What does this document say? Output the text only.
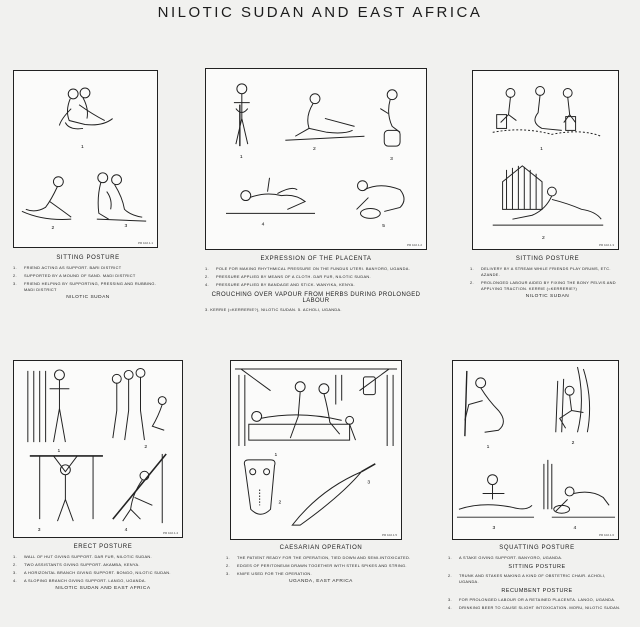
NILOTIC SUDAN AND EAST AFRICA
1
2	3
PR 102.1.1
SITTING POSTURE
1.	FRIEND ACTING AS SUPPORT. BARI DISTRICT
2.	SUPPORTED BY A MOUND OF SAND. MADI DISTRICT
3.	FRIEND HELPING BY SUPPORTING, PRESSING AND RUBBING. MADI DISTRICT
NILOTIC SUDAN
1
2
3
4	5
PR 102.1.2
EXPRESSION OF THE PLACENTA
1.	POLE FOR MAKING RHYTHMICAL PRESSURE ON THE FUNDUS UTERI. BANYORO, UGANDA.
2.	PRESSURE APPLIED BY MEANS OF A CLOTH. DAR FUR, NILOTIC SUDAN.
4.	PRESSURE APPLIED BY BANDAGE AND STICK. WANYIKA, KENYA.
CROUCHING OVER VAPOUR FROM HERBS DURING PROLONGED LABOUR
3. KERRIE (=KERRERIE?), NILOTIC SUDAN. 5. ACHOLI, UGANDA.
1
2
PR 102.1.3
SITTING POSTURE
1.	DELIVERY BY A STREAM WHILE FRIENDS PLAY DRUMS, ETC. AZANDE.
2.	PROLONGED LABOUR AIDED BY FIXING THE BONY PELVIS AND APPLYING TRACTION. KERRIE (=KERRERIE?)
NILOTIC SUDAN
1
2
3	4	PR 102.1.4
ERECT POSTURE
1.	WALL OF HUT GIVING SUPPORT. DAR FUR, NILOTIC SUDAN.
2.	TWO ASSISTANTS GIVING SUPPORT. AKAMBA, KENYA.
3.	A HORIZONTAL BRANCH GIVING SUPPORT. BONGO, NILOTIC SUDAN.
4.	A SLOPING BRANCH GIVING SUPPORT. LANGO, UGANDA.
NILOTIC SUDAN AND EAST AFRICA
1
2
3
PR 102.1.5
CAESARIAN OPERATION
1.	THE PATIENT READY FOR THE OPERATION, TIED DOWN AND SEMI-INTOXICATED.
2.	EDGES OF PERITONEUM DRAWN TOGETHER WITH STEEL SPIKES AND STRING.
3.	KNIFE USED FOR THE OPERATION.
UGANDA, EAST AFRICA
1
2
3	4
PR 102.1.6
SQUATTING POSTURE
1.	A STAKE GIVING SUPPORT. BANYORO, UGANDA.
SITTING POSTURE
2.	TRUNK AND STAKES MAKING A KIND OF OBSTETRIC CHAIR. ACHOLI, UGANDA.
RECUMBENT POSTURE
3.	FOR PROLONGED LABOUR OR A RETAINED PLACENTA. LANGO, UGANDA.
4.	DRINKING BEER TO CAUSE SLIGHT INTOXICATION. MORU, NILOTIC SUDAN.
